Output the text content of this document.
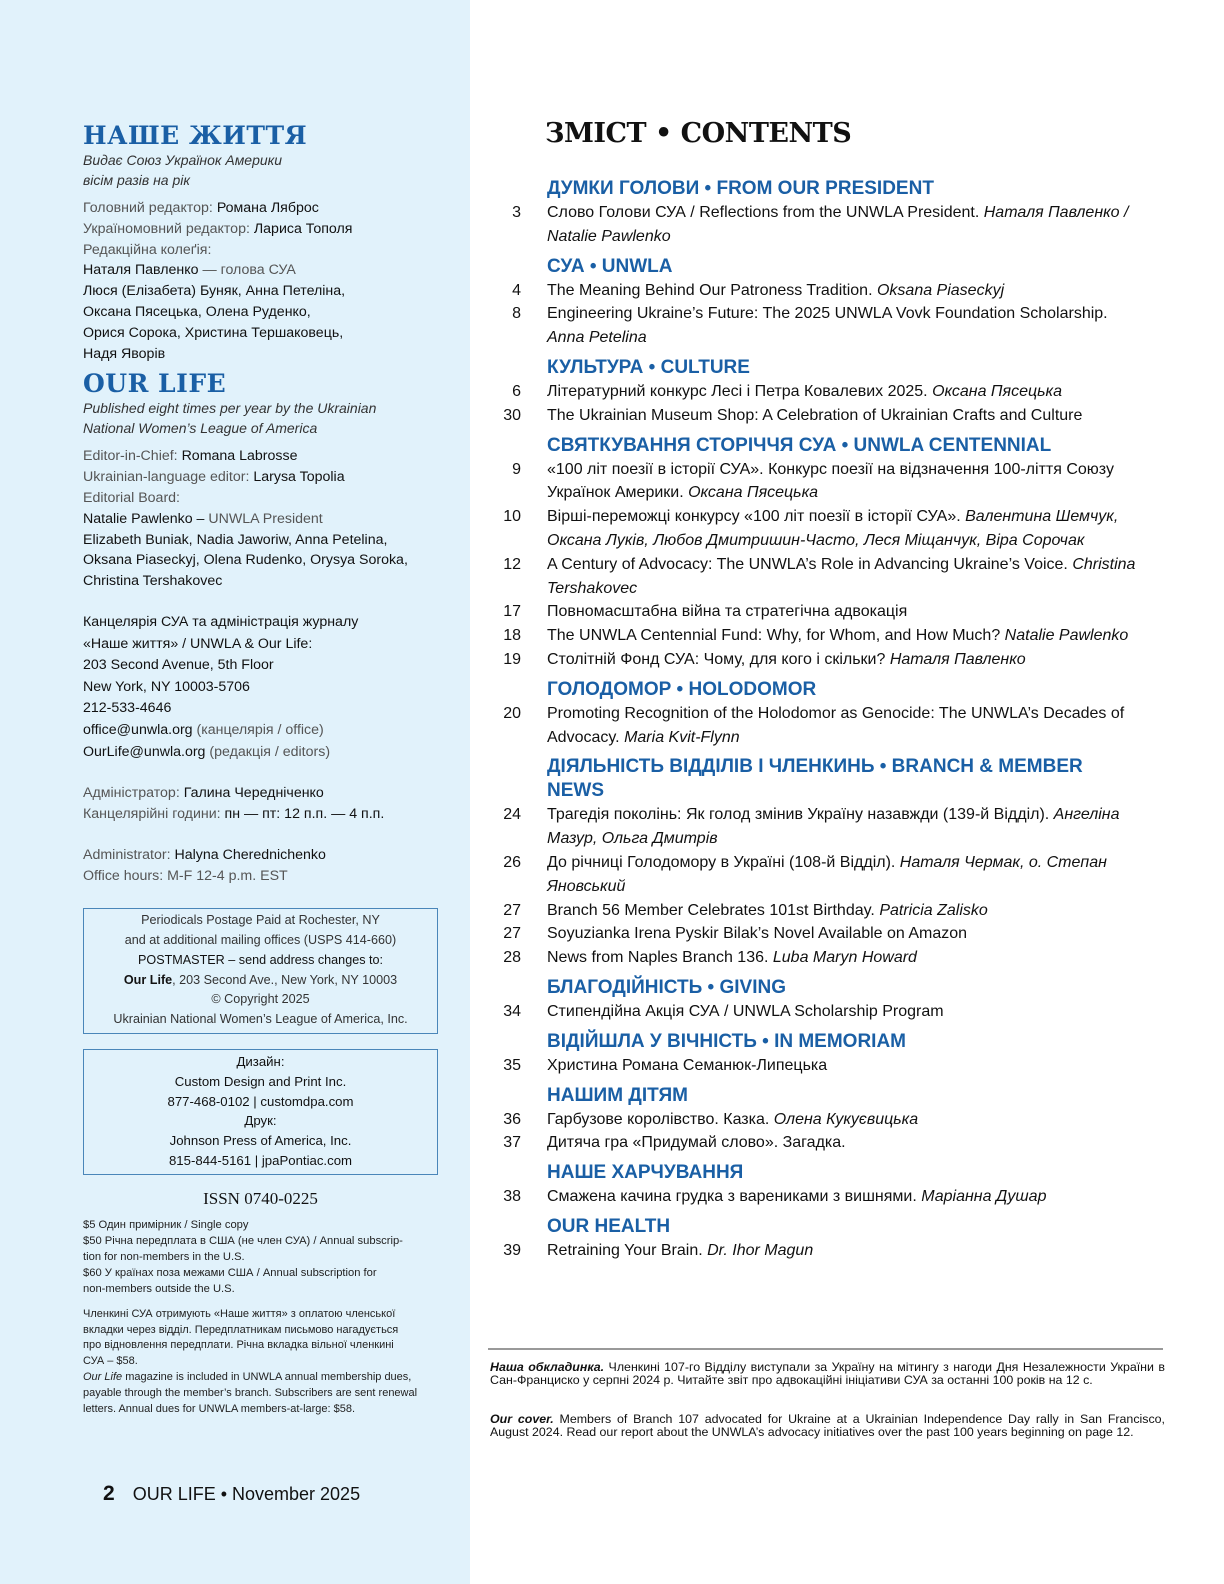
НАШЕ ЖИТТЯ
Видає Союз Українок Америки
вісім разів на рік
Головний редактор: Романа Ляброс
Україномовний редактор: Лариса Тополя
Редакційна колеґія:
Наталя Павленко — голова СУА
Люся (Елізабета) Буняк, Анна Петеліна,
Оксана Пясецька, Олена Руденко,
Орися Сорока, Христина Тершаковець,
Надя Яворів
OUR LIFE
Published eight times per year by the Ukrainian
National Women’s League of America
Editor-in-Chief: Romana Labrosse
Ukrainian-language editor: Larysa Topolia
Editorial Board:
Natalie Pawlenko – UNWLA President
Elizabeth Buniak, Nadia Jaworiw, Anna Petelina,
Oksana Piaseckyj, Olena Rudenko, Orysya Soroka,
Christina Tershakovec
Канцелярія СУА та адміністрація журналу
«Наше життя» / UNWLA & Our Life:
203 Second Avenue, 5th Floor
New York, NY 10003-5706
212-533-4646
office@unwla.org (канцелярія / office)
OurLife@unwla.org (редакція / editors)
Адміністратор: Галина Чередніченко
Канцелярійні години: пн — пт: 12 п.п. — 4 п.п.
Administrator: Halyna Cherednichenko
Office hours: M-F 12-4 p.m. EST
Periodicals Postage Paid at Rochester, NY
and at additional mailing offices (USPS 414-660)
POSTMASTER – send address changes to:
Our Life, 203 Second Ave., New York, NY 10003
© Copyright 2025
Ukrainian National Women’s League of America, Inc.
Дизайн:
Custom Design and Print Inc.
877-468-0102 | customdpa.com
Друк:
Johnson Press of America, Inc.
815-844-5161 | jpaPontiac.com
ISSN 0740-0225
$5 Один примірник / Single copy
$50 Річна передплата в США (не член СУА) / Annual subscrip-
tion for non-members in the U.S.
$60 У країнах поза межами США / Annual subscription for
non-members outside the U.S.
Членкині СУА отримують «Наше життя» з оплатою членської
вкладки через відділ. Передплатникам письмово нагадується
про відновлення передплати. Річна вкладка вільної членкині
СУА – $58.
Our Life magazine is included in UNWLA annual membership dues,
payable through the member’s branch. Subscribers are sent renewal
letters. Annual dues for UNWLA members-at-large: $58.
2 OUR LIFE • November 2025
ЗМІСТ • CONTENTS
ДУМКИ ГОЛОВИ • FROM OUR PRESIDENT
3	Слово Голови СУА / Reflections from the UNWLA President. Наталя Павленко / Natalie Pawlenko
СУА • UNWLA
4	The Meaning Behind Our Patroness Tradition. Oksana Piaseckyj
8	Engineering Ukraine’s Future: The 2025 UNWLA Vovk Foundation Scholarship. Anna Petelina
КУЛЬТУРА • CULTURE
6	Літературний конкурс Лесі і Петра Ковалевих 2025. Оксана Пясецька
30	The Ukrainian Museum Shop: A Celebration of Ukrainian Crafts and Culture
СВЯТКУВАННЯ СТОРІЧЧЯ СУА • UNWLA CENTENNIAL
9	«100 літ поезії в історії СУА». Конкурс поезії на відзначення 100-ліття Союзу Українок Америки. Оксана Пясецька
10	Вірші-переможці конкурсу «100 літ поезії в історії СУА». Валентина Шемчук, Оксана Луків, Любов Дмитришин-Часто, Леся Міщанчук, Віра Сорочак
12	A Century of Advocacy: The UNWLA’s Role in Advancing Ukraine’s Voice. Christina Tershakovec
17	Повномасштабна війна та стратегічна адвокація
18	The UNWLA Centennial Fund: Why, for Whom, and How Much? Natalie Pawlenko
19	Столітній Фонд СУА: Чому, для кого і скільки? Наталя Павленко
ГОЛОДОМОР • HOLODOMOR
20	Promoting Recognition of the Holodomor as Genocide: The UNWLA’s Decades of Advocacy. Maria Kvit-Flynn
ДІЯЛЬНІСТЬ ВІДДІЛІВ І ЧЛЕНКИНЬ • BRANCH & MEMBER NEWS
24	Трагедія поколінь: Як голод змінив Україну назавжди (139-й Відділ). Ангеліна Мазур, Ольга Дмитрів
26	До річниці Голодомору в Україні (108-й Відділ). Наталя Чермак, о. Степан Яновський
27	Branch 56 Member Celebrates 101st Birthday. Patricia Zalisko
27	Soyuzianka Irena Pyskir Bilak’s Novel Available on Amazon
28	News from Naples Branch 136. Luba Maryn Howard
БЛАГОДІЙНІСТЬ • GIVING
34	Стипендійна Акція СУА / UNWLA Scholarship Program
ВІДІЙШЛА У ВІЧНІСТЬ • IN MEMORIAM
35	Христина Романа Семанюк-Липецька
НАШИМ ДІТЯМ
36	Гарбузове королівство. Казка. Олена Кукуєвицька
37	Дитяча гра «Придумай слово». Загадка.
НАШЕ ХАРЧУВАННЯ
38	Смажена качина грудка з варениками з вишнями. Маріанна Душар
OUR HEALTH
39	Retraining Your Brain. Dr. Ihor Magun
Наша обкладинка. Членкині 107-го Відділу виступали за Україну на мітингу з нагоди Дня Незалежности України в Сан-Франциско у серпні 2024 р. Читайте звіт про адвокаційні ініціативи СУА за останні 100 років на 12 с.
Our cover. Members of Branch 107 advocated for Ukraine at a Ukrainian Independence Day rally in San Francisco, August 2024. Read our report about the UNWLA’s advocacy initiatives over the past 100 years beginning on page 12.
